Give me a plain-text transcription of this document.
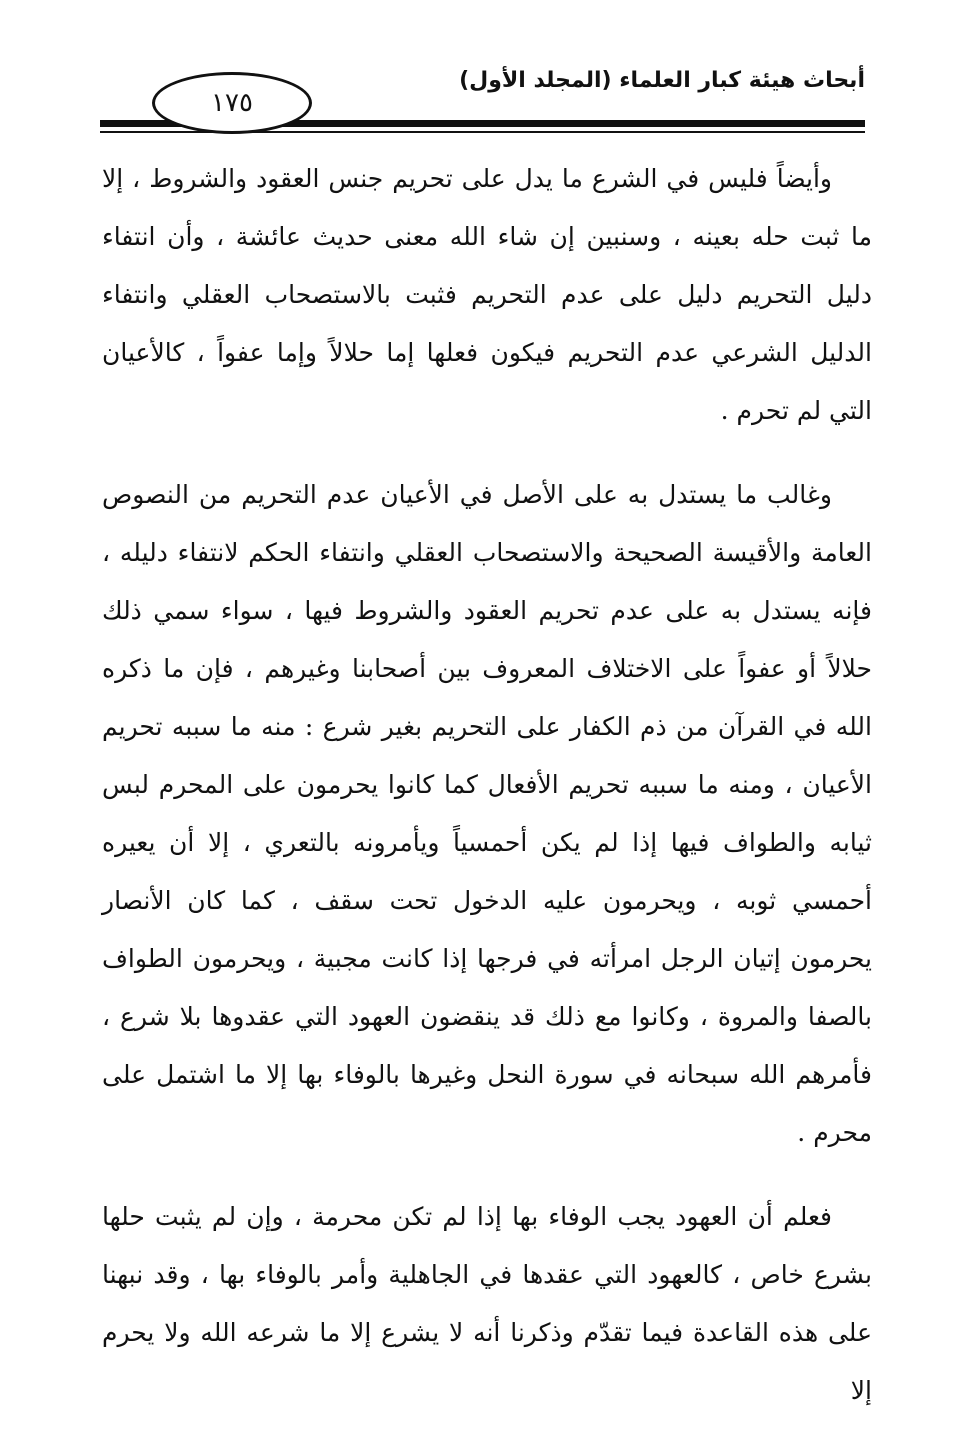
أبحاث هيئة كبار العلماء (المجلد الأول)
١٧٥

وأيضاً فليس في الشرع ما يدل على تحريم جنس العقود والشروط ، إلا ما ثبت حله بعينه ، وسنبين إن شاء الله معنى حديث عائشة ، وأن انتفاء دليل التحريم دليل على عدم التحريم فثبت بالاستصحاب العقلي وانتفاء الدليل الشرعي عدم التحريم فيكون فعلها إما حلالاً وإما عفواً ، كالأعيان التي لم تحرم .

وغالب ما يستدل به على الأصل في الأعيان عدم التحريم من النصوص العامة والأقيسة الصحيحة والاستصحاب العقلي وانتفاء الحكم لانتفاء دليله ، فإنه يستدل به على عدم تحريم العقود والشروط فيها ، سواء سمي ذلك حلالاً أو عفواً على الاختلاف المعروف بين أصحابنا وغيرهم ، فإن ما ذكره الله في القرآن من ذم الكفار على التحريم بغير شرع : منه ما سببه تحريم الأعيان ، ومنه ما سببه تحريم الأفعال كما كانوا يحرمون على المحرم لبس ثيابه والطواف فيها إذا لم يكن أحمسياً ويأمرونه بالتعري ، إلا أن يعيره أحمسي ثوبه ، ويحرمون عليه الدخول تحت سقف ، كما كان الأنصار يحرمون إتيان الرجل امرأته في فرجها إذا كانت مجبية ، ويحرمون الطواف بالصفا والمروة ، وكانوا مع ذلك قد ينقضون العهود التي عقدوها بلا شرع ، فأمرهم الله سبحانه في سورة النحل وغيرها بالوفاء بها إلا ما اشتمل على محرم .

فعلم أن العهود يجب الوفاء بها إذا لم تكن محرمة ، وإن لم يثبت حلها بشرع خاص ، كالعهود التي عقدها في الجاهلية وأمر بالوفاء بها ، وقد نبهنا على هذه القاعدة فيما تقدّم وذكرنا أنه لا يشرع إلا ما شرعه الله ولا يحرم إلا
